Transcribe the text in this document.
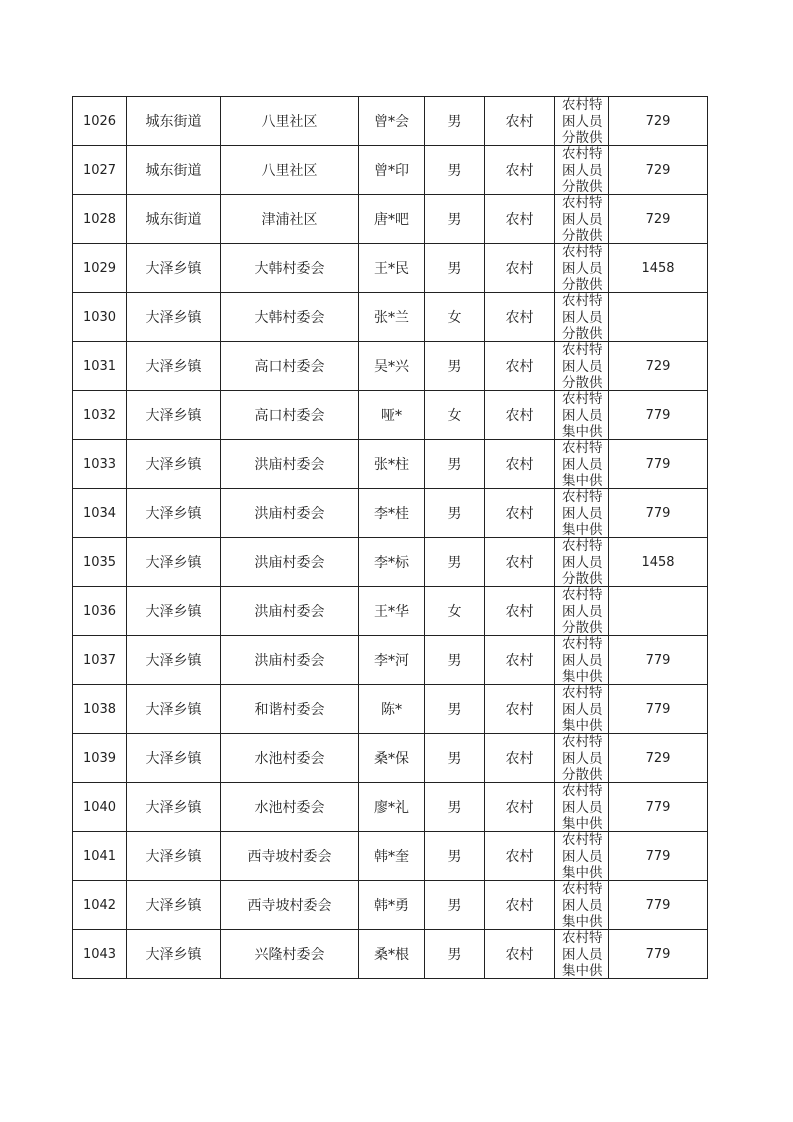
1026	城东街道	八里社区	曾*会	男	农村	农村特困人员分散供	729
1027	城东街道	八里社区	曾*印	男	农村	农村特困人员分散供	729
1028	城东街道	津浦社区	唐*吧	男	农村	农村特困人员分散供	729
1029	大泽乡镇	大韩村委会	王*民	男	农村	农村特困人员分散供	1458
1030	大泽乡镇	大韩村委会	张*兰	女	农村	农村特困人员分散供	

1031	大泽乡镇	高口村委会	吴*兴	男	农村	农村特困人员分散供	729
1032	大泽乡镇	高口村委会	哑*	女	农村	农村特困人员集中供	779
1033	大泽乡镇	洪庙村委会	张*柱	男	农村	农村特困人员集中供	779
1034	大泽乡镇	洪庙村委会	李*桂	男	农村	农村特困人员集中供	779
1035	大泽乡镇	洪庙村委会	李*标	男	农村	农村特困人员分散供	1458
1036	大泽乡镇	洪庙村委会	王*华	女	农村	农村特困人员分散供	

1037	大泽乡镇	洪庙村委会	李*河	男	农村	农村特困人员集中供	779
1038	大泽乡镇	和谐村委会	陈*	男	农村	农村特困人员集中供	779
1039	大泽乡镇	水池村委会	桑*保	男	农村	农村特困人员分散供	729
1040	大泽乡镇	水池村委会	廖*礼	男	农村	农村特困人员集中供	779
1041	大泽乡镇	西寺坡村委会	韩*奎	男	农村	农村特困人员集中供	779
1042	大泽乡镇	西寺坡村委会	韩*勇	男	农村	农村特困人员集中供	779
1043	大泽乡镇	兴隆村委会	桑*根	男	农村	农村特困人员集中供	779
